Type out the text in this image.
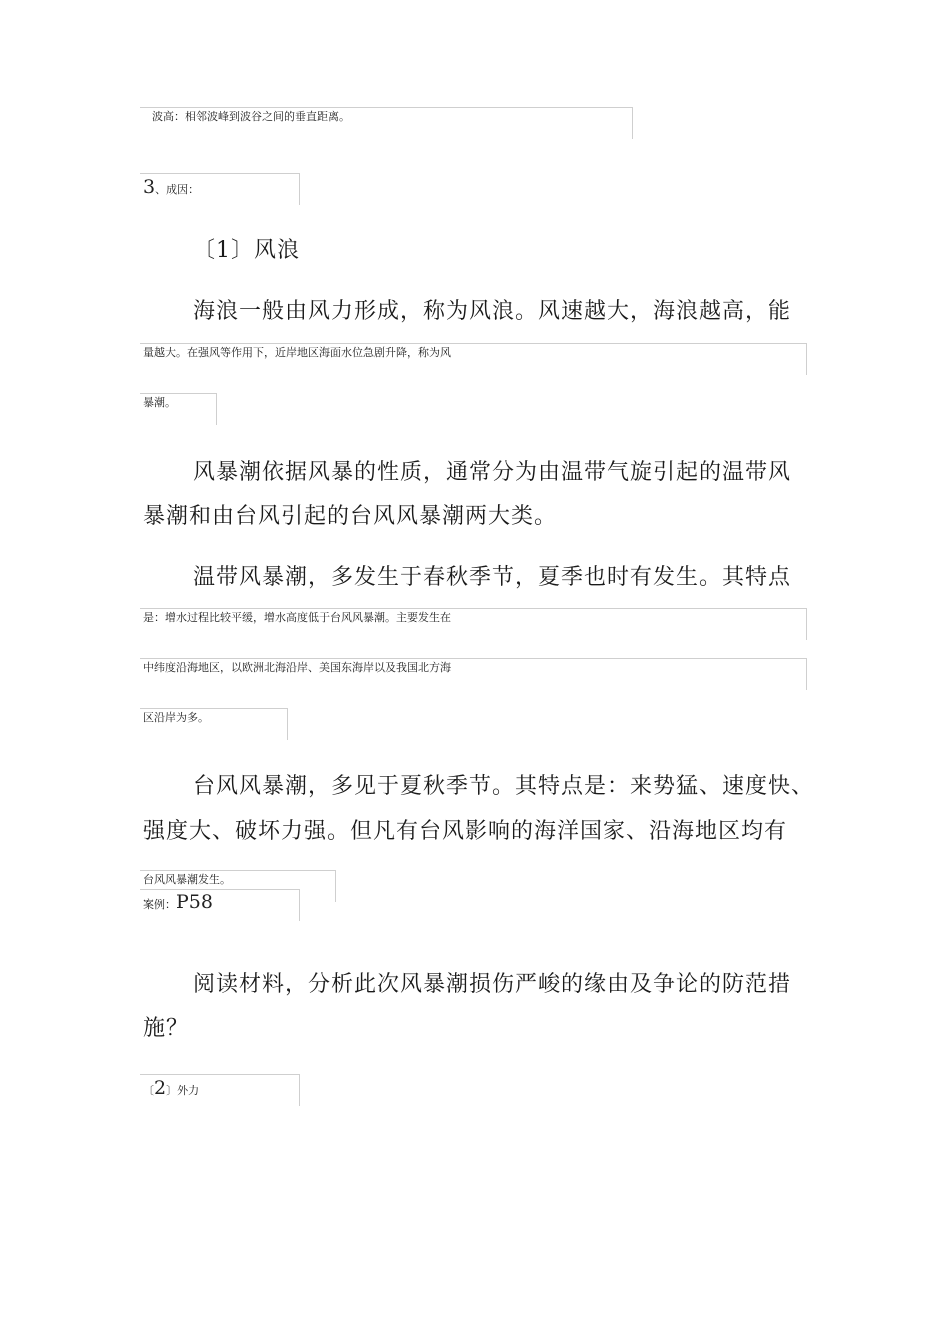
波高：相邻波峰到波谷之间的垂直距离。
3、成因：
〔1〕风浪
海浪一般由风力形成，称为风浪。风速越大，海浪越高，能
量越大。在强风等作用下，近岸地区海面水位急剧升降，称为风
暴潮。
风暴潮依据风暴的性质，通常分为由温带气旋引起的温带风
暴潮和由台风引起的台风风暴潮两大类。
温带风暴潮，多发生于春秋季节，夏季也时有发生。其特点
是：增水过程比较平缓，增水高度低于台风风暴潮。主要发生在
中纬度沿海地区，以欧洲北海沿岸、美国东海岸以及我国北方海
区沿岸为多。
台风风暴潮，多见于夏秋季节。其特点是：来势猛、速度快、
强度大、破坏力强。但凡有台风影响的海洋国家、沿海地区均有
台风风暴潮发生。
案例：P58
阅读材料，分析此次风暴潮损伤严峻的缘由及争论的防范措
施？
〔2〕外力
